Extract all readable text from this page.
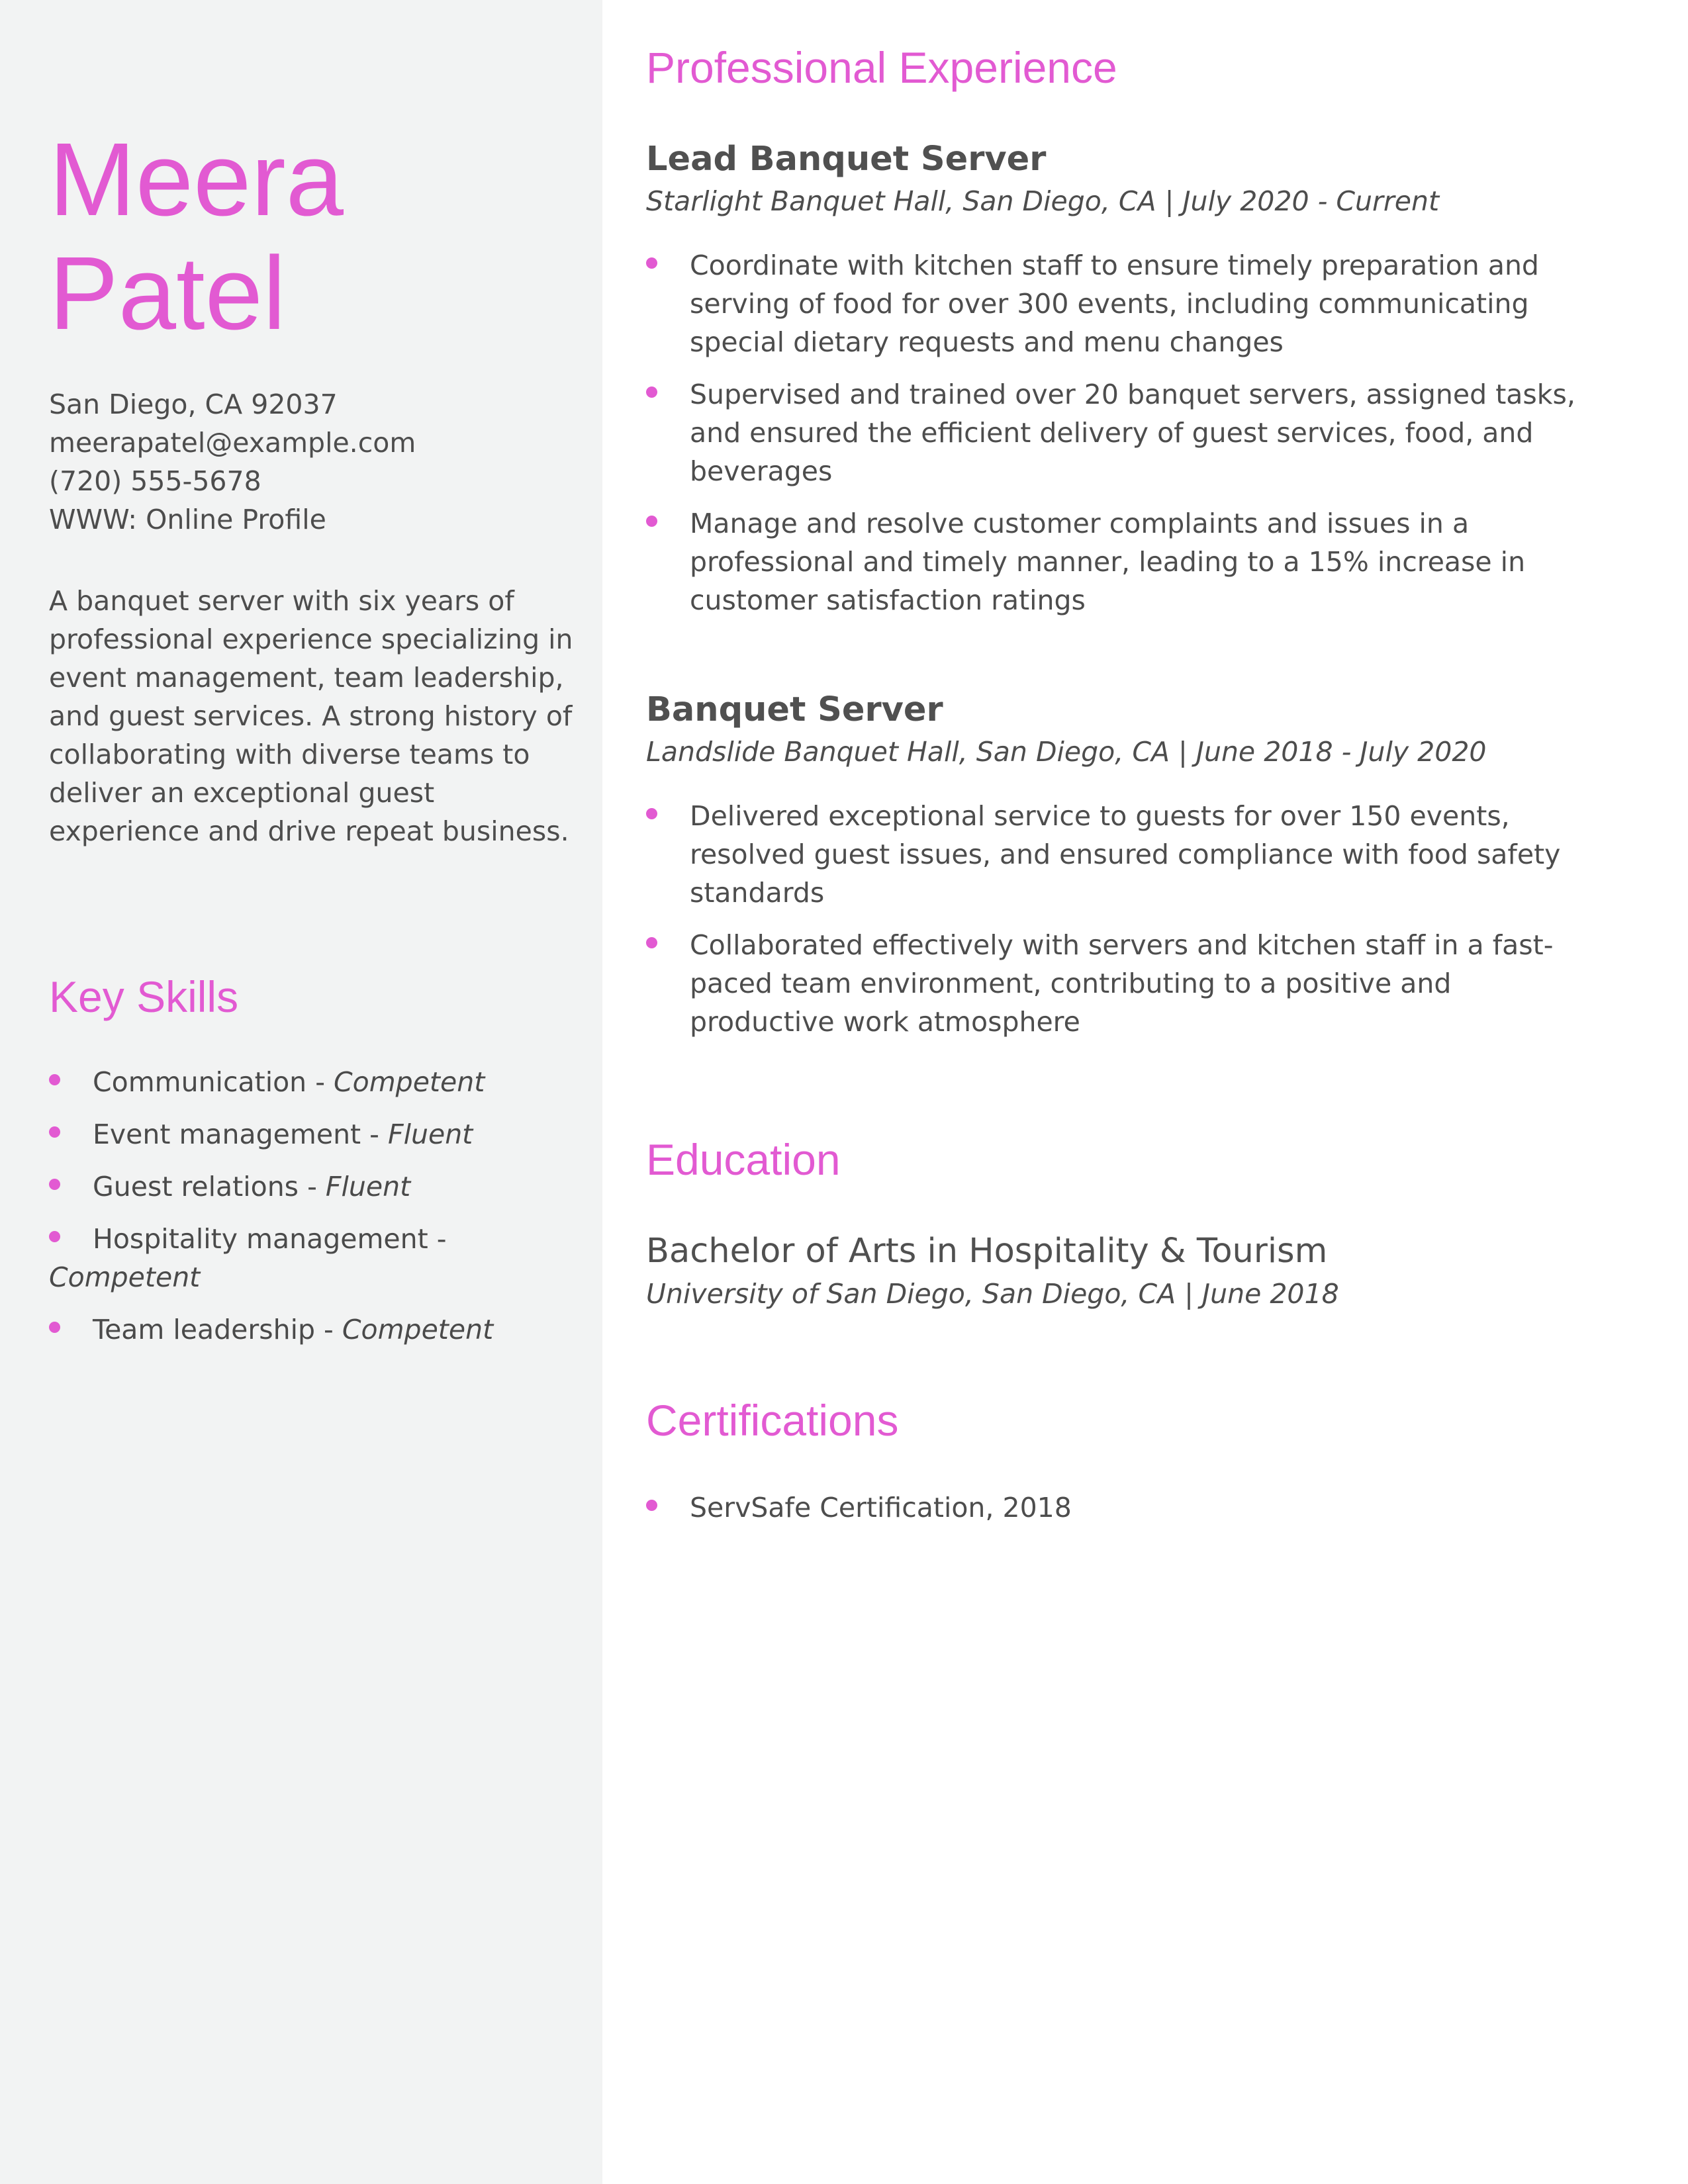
Meera
Patel
San Diego, CA 92037
meerapatel@example.com
(720) 555-5678
WWW: Online Profile

A banquet server with six years of professional experience specializing in event management, team leadership, and guest services. A strong history of collaborating with diverse teams to deliver an exceptional guest experience and drive repeat business.

Key Skills
Communication - Competent
Event management - Fluent
Guest relations - Fluent
Hospitality management - Competent
Team leadership - Competent
Professional Experience
Lead Banquet Server

Starlight Banquet Hall, San Diego, CA | July 2020 - Current

Coordinate with kitchen staff to ensure timely preparation and serving of food for over 300 events, including communicating special dietary requests and menu changes
Supervised and trained over 20 banquet servers, assigned tasks, and ensured the efficient delivery of guest services, food, and beverages
Manage and resolve customer complaints and issues in a professional and timely manner, leading to a 15% increase in customer satisfaction ratings
Banquet Server

Landslide Banquet Hall, San Diego, CA | June 2018 - July 2020

Delivered exceptional service to guests for over 150 events, resolved guest issues, and ensured compliance with food safety standards
Collaborated effectively with servers and kitchen staff in a fast-paced team environment, contributing to a positive and productive work atmosphere
Education
Bachelor of Arts in Hospitality & Tourism

University of San Diego, San Diego, CA | June 2018

Certifications
ServSafe Certification, 2018
